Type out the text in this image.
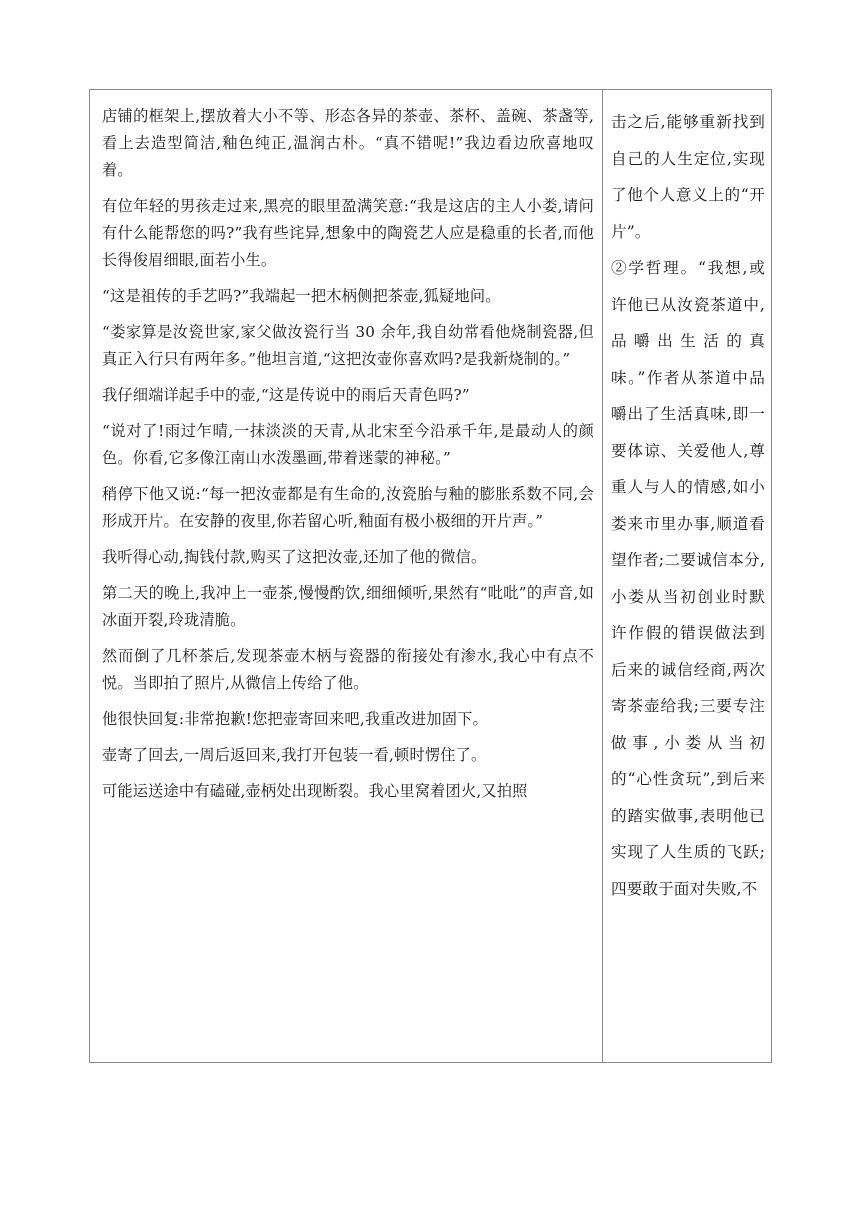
店铺的框架上,摆放着大小不等、形态各异的茶壶、茶杯、盖碗、茶盏等,看上去造型简洁,釉色纯正,温润古朴。“真不错呢!”我边看边欣喜地叹着。

有位年轻的男孩走过来,黑亮的眼里盈满笑意:“我是这店的主人小娄,请问有什么能帮您的吗?”我有些诧异,想象中的陶瓷艺人应是稳重的长者,而他长得俊眉细眼,面若小生。

“这是祖传的手艺吗?”我端起一把木柄侧把茶壶,狐疑地问。

“娄家算是汝瓷世家,家父做汝瓷行当 30 余年,我自幼常看他烧制瓷器,但真正入行只有两年多。”他坦言道,“这把汝壶你喜欢吗?是我新烧制的。”

我仔细端详起手中的壶,“这是传说中的雨后天青色吗?”

“说对了!雨过乍晴,一抹淡淡的天青,从北宋至今沿承千年,是最动人的颜色。你看,它多像江南山水泼墨画,带着迷蒙的神秘。”

稍停下他又说:“每一把汝壶都是有生命的,汝瓷胎与釉的膨胀系数不同,会形成开片。在安静的夜里,你若留心听,釉面有极小极细的开片声。”

我听得心动,掏钱付款,购买了这把汝壶,还加了他的微信。

第二天的晚上,我冲上一壶茶,慢慢酌饮,细细倾听,果然有“吡吡”的声音,如冰面开裂,玲珑清脆。

然而倒了几杯茶后,发现茶壶木柄与瓷器的衔接处有渗水,我心中有点不悦。当即拍了照片,从微信上传给了他。

他很快回复:非常抱歉!您把壶寄回来吧,我重改进加固下。

壶寄了回去,一周后返回来,我打开包装一看,顿时愣住了。

可能运送途中有磕碰,壶柄处出现断裂。我心里窝着团火,又拍照

击之后,能够重新找到自己的人生定位,实现了他个人意义上的“开片”。

②学哲理。“我想,或许他已从汝瓷茶道中,品嚼出生活的真味。”作者从茶道中品嚼出了生活真味,即一要体谅、关爱他人,尊重人与人的情感,如小娄来市里办事,顺道看望作者;二要诚信本分,小娄从当初创业时默许作假的错误做法到后来的诚信经商,两次寄茶壶给我;三要专注做事,小娄从当初的“心性贪玩”,到后来的踏实做事,表明他已实现了人生质的飞跃;四要敢于面对失败,不
